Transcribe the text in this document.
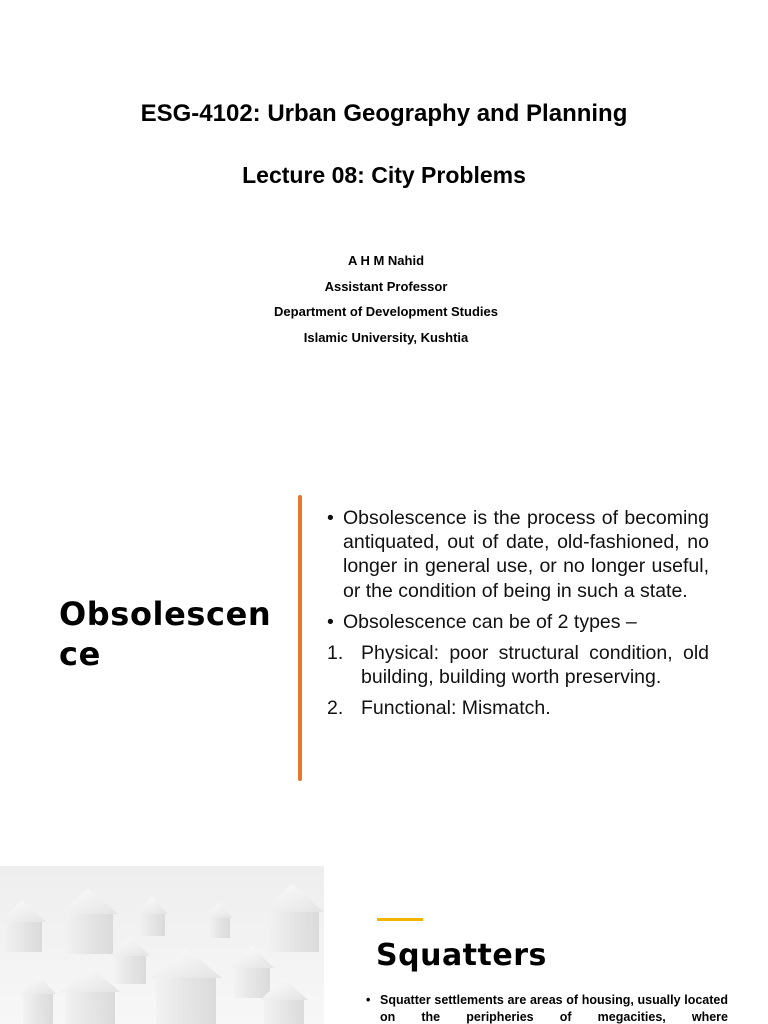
ESG-4102: Urban Geography and Planning
Lecture 08: City Problems
A H M Nahid
Assistant Professor
Department of Development Studies
Islamic University, Kushtia
Obsolescence
• Obsolescence is the process of becoming antiquated, out of date, old-fashioned, no longer in general use, or no longer useful, or the condition of being in such a state.
• Obsolescence can be of 2 types –
1. Physical: poor structural condition, old building, building worth preserving.
2. Functional: Mismatch.
Squatters
• Squatter settlements are areas of housing, usually located on the peripheries of megacities, where
